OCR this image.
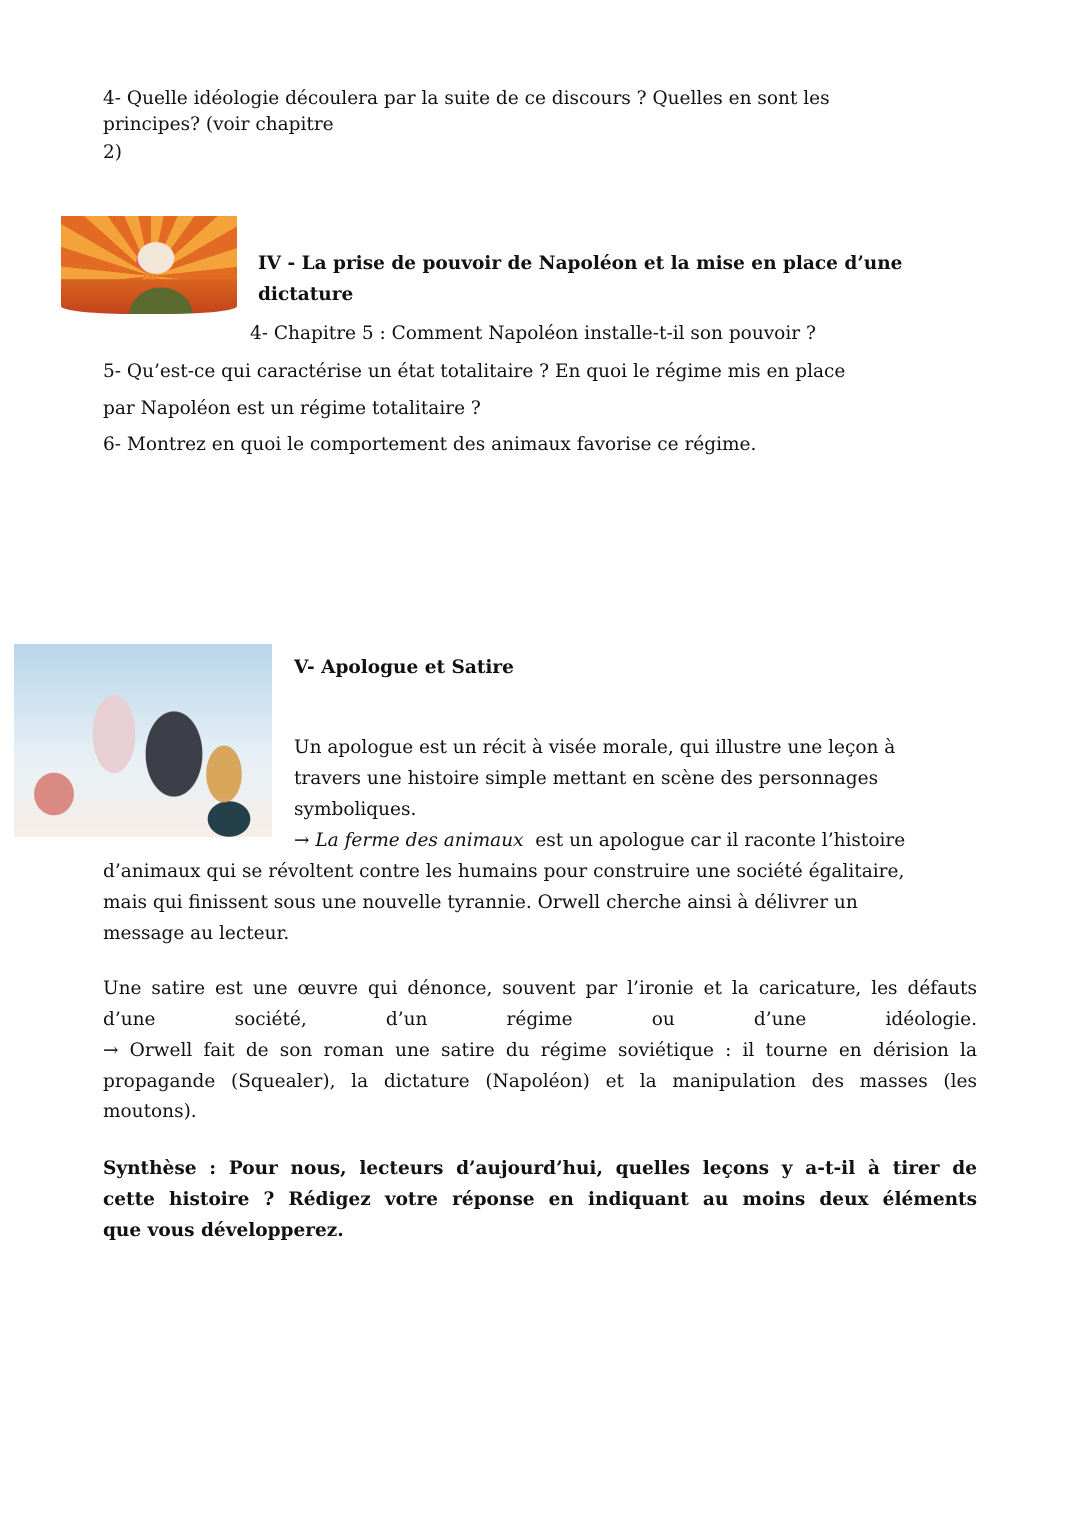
4- Quelle idéologie découlera par la suite de ce discours ? Quelles en sont les
principes? (voir chapitre
2)
IV - La prise de pouvoir de Napoléon et la mise en place d’une
dictature
4- Chapitre 5 : Comment Napoléon installe-t-il son pouvoir ?
5- Qu’est-ce qui caractérise un état totalitaire ? En quoi le régime mis en place
par Napoléon est un régime totalitaire ?
6- Montrez en quoi le comportement des animaux favorise ce régime.
V- Apologue et Satire
Un apologue est un récit à visée morale, qui illustre une leçon à
travers une histoire simple mettant en scène des personnages
symboliques.
→ La ferme des animaux  est un apologue car il raconte l’histoire
d’animaux qui se révoltent contre les humains pour construire une société égalitaire,
mais qui finissent sous une nouvelle tyrannie. Orwell cherche ainsi à délivrer un
message au lecteur.
Une satire est une œuvre qui dénonce, souvent par l’ironie et la caricature, les défauts
d’une société, d’un régime ou d’une idéologie.
→ Orwell fait de son roman une satire du régime soviétique : il tourne en dérision la
propagande (Squealer), la dictature (Napoléon) et la manipulation des masses (les
moutons).
Synthèse : Pour nous, lecteurs d’aujourd’hui, quelles leçons y a-t-il à tirer de
cette histoire ? Rédigez votre réponse en indiquant au moins deux éléments
que vous développerez.
